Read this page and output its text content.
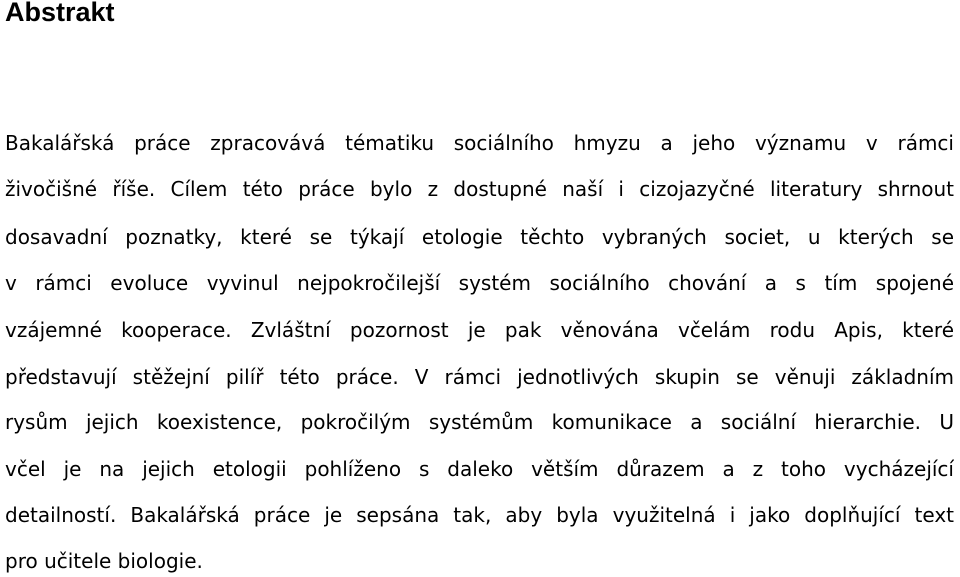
Abstrakt

Bakalářská práce zpracovává tématiku sociálního hmyzu a jeho významu v rámci

živočišné říše. Cílem této práce bylo z dostupné naší i cizojazyčné literatury shrnout

dosavadní poznatky, které se týkají etologie těchto vybraných societ, u kterých se

v rámci evoluce vyvinul nejpokročilejší systém sociálního chování a s tím spojené

vzájemné kooperace. Zvláštní pozornost je pak věnována včelám rodu Apis, které

představují stěžejní pilíř této práce. V rámci jednotlivých skupin se věnuji základním

rysům jejich koexistence, pokročilým systémům komunikace a sociální hierarchie. U

včel je na jejich etologii pohlíženo s daleko větším důrazem a z toho vycházející

detailností. Bakalářská práce je sepsána tak, aby byla využitelná i jako doplňující text

pro učitele biologie.
